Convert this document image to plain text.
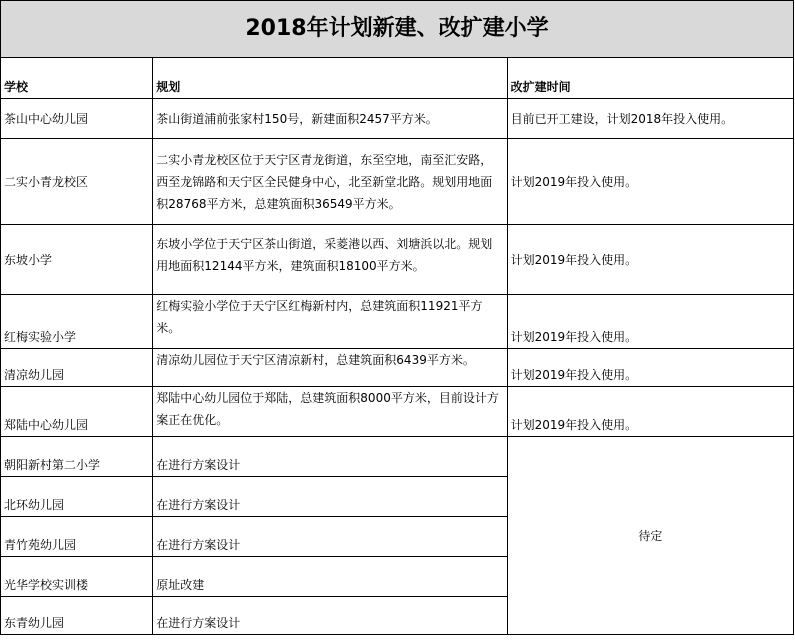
2018年计划新建、改扩建小学		
学校	规划	改扩建时间
茶山中心幼儿园	茶山街道浦前张家村150号，新建面积2457平方米。	目前已开工建设，计划2018年投入使用。
二实小青龙校区	二实小青龙校区位于天宁区青龙街道，东至空地，南至汇安路，西至龙锦路和天宁区全民健身中心，北至新堂北路。规划用地面积28768平方米，总建筑面积36549平方米。	计划2019年投入使用。
东坡小学	东坡小学位于天宁区茶山街道，采菱港以西、刘塘浜以北。规划用地面积12144平方米，建筑面积18100平方米。	计划2019年投入使用。
红梅实验小学	红梅实验小学位于天宁区红梅新村内，总建筑面积11921平方米。	计划2019年投入使用。
清凉幼儿园	清凉幼儿园位于天宁区清凉新村，总建筑面积6439平方米。	计划2019年投入使用。
郑陆中心幼儿园	郑陆中心幼儿园位于郑陆，总建筑面积8000平方米，目前设计方案正在优化。	计划2019年投入使用。
朝阳新村第二小学	在进行方案设计	待定
北环幼儿园	在进行方案设计	
青竹苑幼儿园	在进行方案设计	
光华学校实训楼	原址改建	
东青幼儿园	在进行方案设计	
